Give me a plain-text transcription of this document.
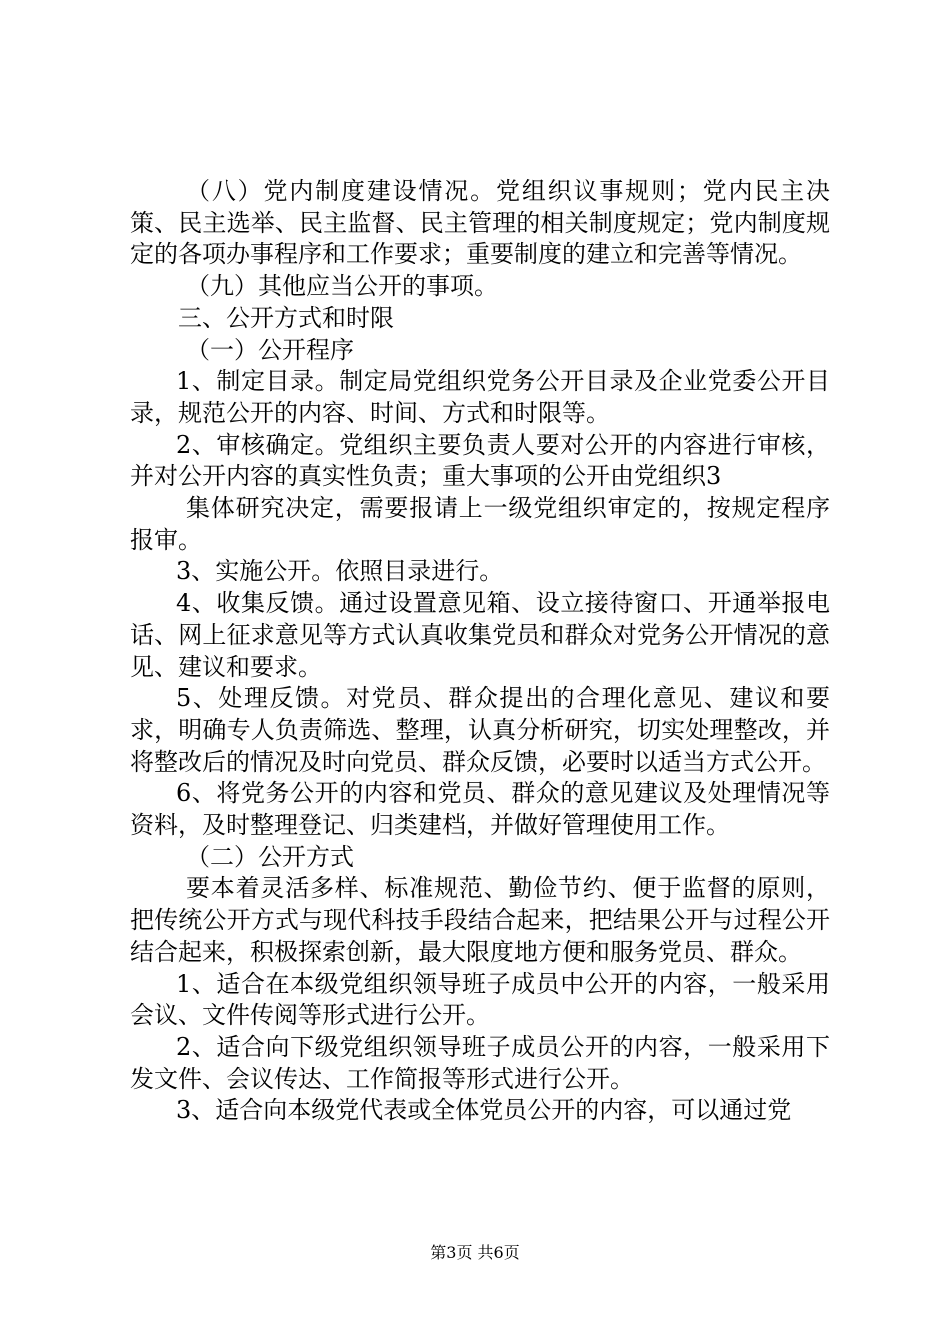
（八）党内制度建设情况。党组织议事规则；党内民主决策、民主选举、民主监督、民主管理的相关制度规定；党内制度规定的各项办事程序和工作要求；重要制度的建立和完善等情况。

（九）其他应当公开的事项。

三、公开方式和时限

（一）公开程序

1、制定目录。制定局党组织党务公开目录及企业党委公开目录，规范公开的内容、时间、方式和时限等。

2、审核确定。党组织主要负责人要对公开的内容进行审核，并对公开内容的真实性负责；重大事项的公开由党组织3

集体研究决定，需要报请上一级党组织审定的，按规定程序报审。

3、实施公开。依照目录进行。

4、收集反馈。通过设置意见箱、设立接待窗口、开通举报电话、网上征求意见等方式认真收集党员和群众对党务公开情况的意见、建议和要求。

5、处理反馈。对党员、群众提出的合理化意见、建议和要求，明确专人负责筛选、整理，认真分析研究，切实处理整改，并将整改后的情况及时向党员、群众反馈，必要时以适当方式公开。

6、将党务公开的内容和党员、群众的意见建议及处理情况等资料，及时整理登记、归类建档，并做好管理使用工作。

（二）公开方式

要本着灵活多样、标准规范、勤俭节约、便于监督的原则，把传统公开方式与现代科技手段结合起来，把结果公开与过程公开结合起来，积极探索创新，最大限度地方便和服务党员、群众。

1、适合在本级党组织领导班子成员中公开的内容，一般采用会议、文件传阅等形式进行公开。

2、适合向下级党组织领导班子成员公开的内容，一般采用下发文件、会议传达、工作简报等形式进行公开。

3、适合向本级党代表或全体党员公开的内容，可以通过党

第3页 共6页
